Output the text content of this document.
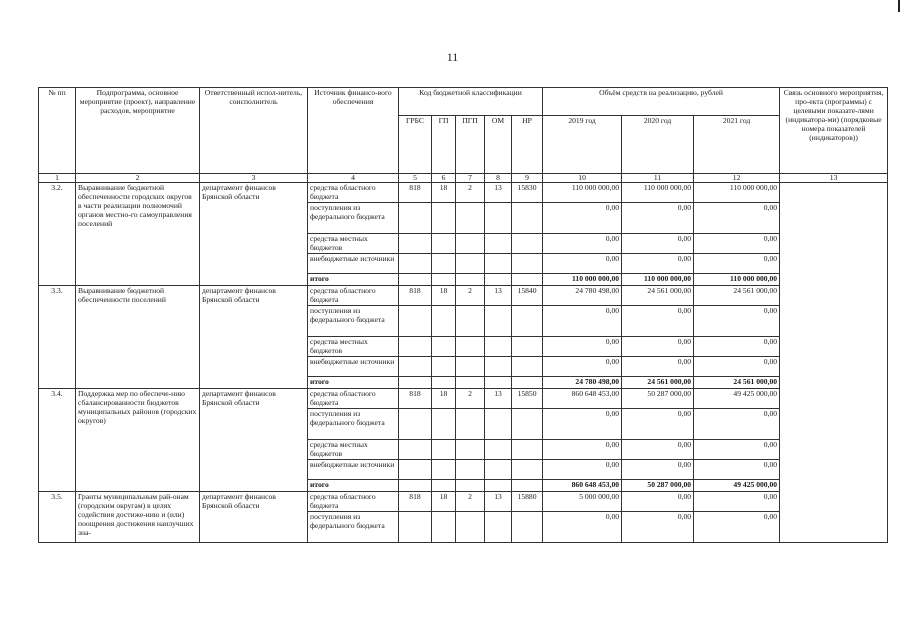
11
№ пп	Подпрограмма, основное мероприятие (проект), направление расходов, мероприятие	Ответственный испол-нитель, соисполнитель	Источник финансо-вого обеспечения	Код бюджетной классификации					Объём средств на реализацию, рублей			Связь основного мероприятия, про-екта (программы) с целевыми показате-лями (индикатора-ми) (порядковые номера показателей (индикаторов))
				ГРБС	ГП	ПГП	ОМ	НР	2019 год	2020 год	2021 год	
1	2	3	4	5	6	7	8	9	10	11	12	13
3.2.	Выравнивание бюджетной обеспеченности городских округов в части реализации полномочий органов местно-го самоуправления поселений	департамент финансов Брянской области	средства областного бюджета	818	18	2	13	15830	110 000 000,00	110 000 000,00	110 000 000,00	
			поступления из федерального бюджета						0,00	0,00	0,00	
			средства местных бюджетов						0,00	0,00	0,00	
			внебюджетные источники						0,00	0,00	0,00	
			итого						110 000 000,00	110 000 000,00	110 000 000,00	
3.3.	Выравнивание бюджетной обеспеченности поселений	департамент финансов Брянской области	средства областного бюджета	818	18	2	13	15840	24 780 498,00	24 561 000,00	24 561 000,00	
			поступления из федерального бюджета						0,00	0,00	0,00	
			средства местных бюджетов						0,00	0,00	0,00	
			внебюджетные источники						0,00	0,00	0,00	
			итого						24 780 498,00	24 561 000,00	24 561 000,00	
3.4.	Поддержка мер по обеспече-нию сбалансированности бюджетов муниципальных районов (городских округов)	департамент финансов Брянской области	средства областного бюджета	818	18	2	13	15850	860 648 453,00	50 287 000,00	49 425 000,00	
			поступления из федерального бюджета						0,00	0,00	0,00	
			средства местных бюджетов						0,00	0,00	0,00	
			внебюджетные источники						0,00	0,00	0,00	
			итого						860 648 453,00	50 287 000,00	49 425 000,00	
3.5.	Гранты муниципальным рай-онам (городским округам) в целях содействия достиже-нию и (или) поощрения достижения наилучших зна-	департамент финансов Брянской области	средства областного бюджета	818	18	2	13	15880	5 000 000,00	0,00	0,00	
			поступления из федерального бюджета						0,00	0,00	0,00	
